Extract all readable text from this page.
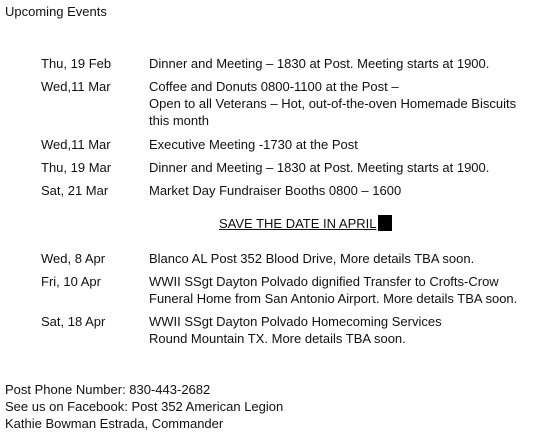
Upcoming Events
Thu, 19 Feb	Dinner and Meeting – 1830 at Post. Meeting starts at 1900.
Wed,11 Mar	Coffee and Donuts 0800-1100 at the Post –
Open to all Veterans – Hot, out-of-the-oven Homemade Biscuits
this month
Wed,11 Mar	Executive Meeting -1730 at the Post
Thu, 19 Mar	Dinner and Meeting – 1830 at Post. Meeting starts at 1900.
Sat, 21 Mar	Market Day Fundraiser Booths 0800 – 1600
SAVE THE DATE IN APRIL
Wed, 8 Apr	Blanco AL Post 352 Blood Drive, More details TBA soon.
Fri, 10 Apr	WWII SSgt Dayton Polvado dignified Transfer to Crofts-Crow
Funeral Home from San Antonio Airport. More details TBA soon.
Sat, 18 Apr	WWII SSgt Dayton Polvado Homecoming Services
Round Mountain TX. More details TBA soon.
Post Phone Number: 830-443-2682
See us on Facebook: Post 352 American Legion
Kathie Bowman Estrada, Commander
